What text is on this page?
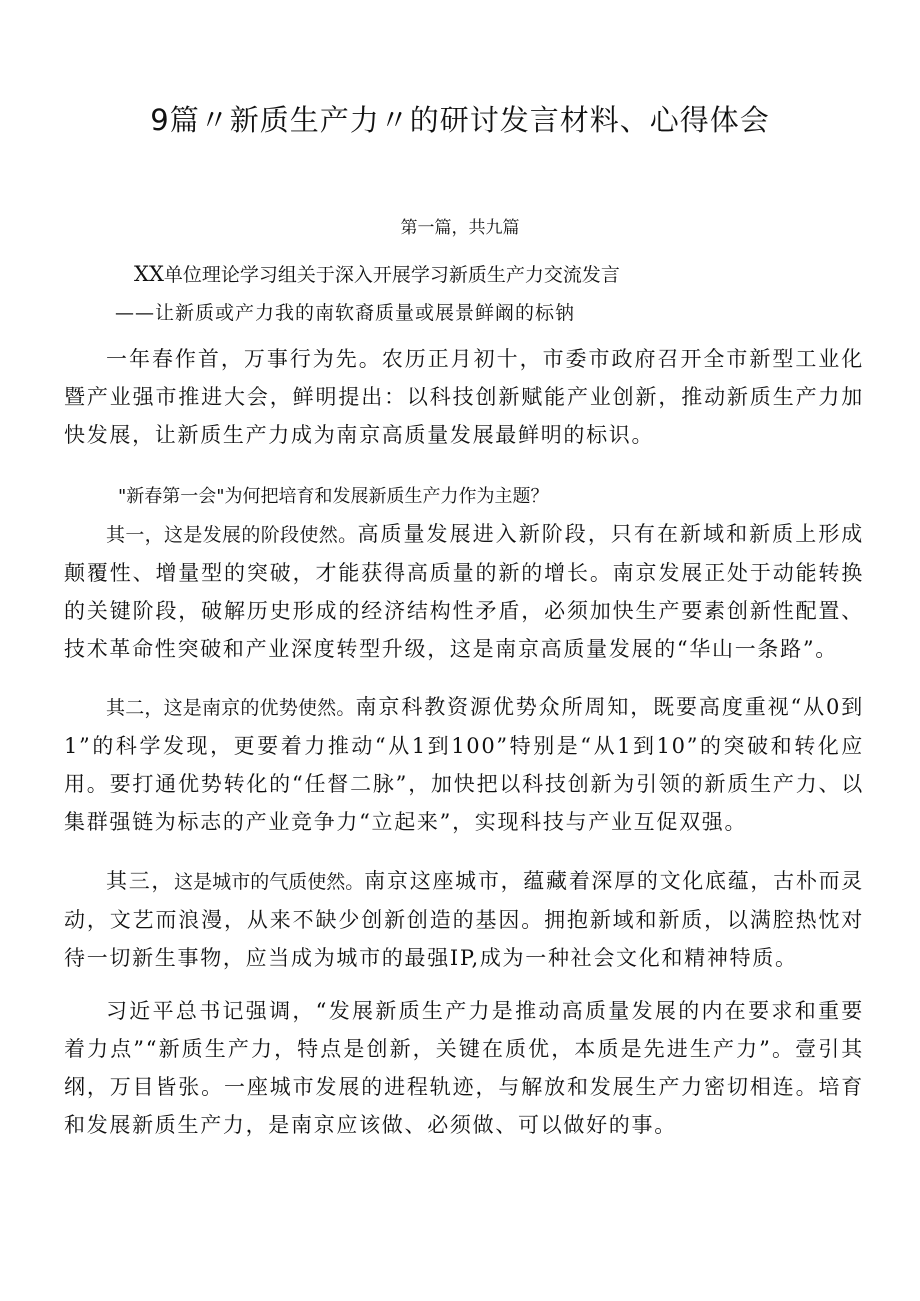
9篇〃新质生产力〃的研讨发言材料、心得体会
第一篇，共九篇
XX单位理论学习组关于深入开展学习新质生产力交流发言
——让新质或产力我的南软裔质量或展景鲜阚的标钠

一年春作首，万事行为先。农历正月初十，市委市政府召开全市新型工业化暨产业强市推进大会，鲜明提出：以科技创新赋能产业创新，推动新质生产力加快发展，让新质生产力成为南京高质量发展最鲜明的标识。

"新春第一会"为何把培育和发展新质生产力作为主题？

其一，这是发展的阶段使然。高质量发展进入新阶段，只有在新域和新质上形成颠覆性、增量型的突破，才能获得高质量的新的增长。南京发展正处于动能转换的关键阶段，破解历史形成的经济结构性矛盾，必须加快生产要素创新性配置、技术革命性突破和产业深度转型升级，这是南京高质量发展的“华山一条路”。

其二，这是南京的优势使然。南京科教资源优势众所周知，既要高度重视“从0到1”的科学发现，更要着力推动“从1到100”特别是“从1到10”的突破和转化应用。要打通优势转化的“任督二脉”，加快把以科技创新为引领的新质生产力、以集群强链为标志的产业竞争力“立起来”，实现科技与产业互促双强。

其三，这是城市的气质使然。南京这座城市，蕴藏着深厚的文化底蕴，古朴而灵动，文艺而浪漫，从来不缺少创新创造的基因。拥抱新域和新质，以满腔热忱对待一切新生事物，应当成为城市的最强IP,成为一种社会文化和精神特质。

习近平总书记强调，“发展新质生产力是推动高质量发展的内在要求和重要着力点”“新质生产力，特点是创新，关键在质优，本质是先进生产力”。壹引其纲，万目皆张。一座城市发展的进程轨迹，与解放和发展生产力密切相连。培育和发展新质生产力，是南京应该做、必须做、可以做好的事。
